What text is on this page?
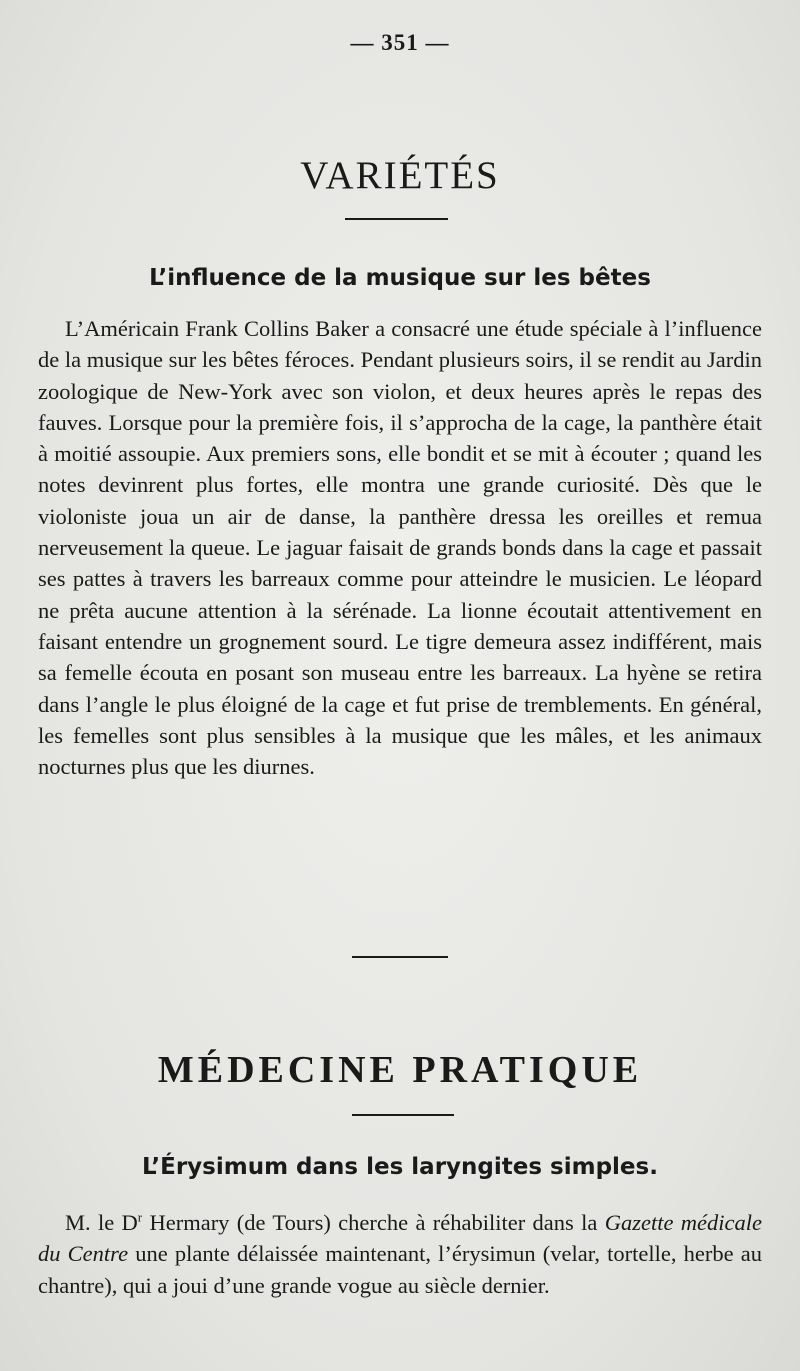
— 351 —
VARIÉTÉS
L’influence de la musique sur les bêtes

L’Américain Frank Collins Baker a consacré une étude spéciale à l’influence de la musique sur les bêtes féroces. Pendant plusieurs soirs, il se rendit au Jardin zoologique de New-York avec son violon, et deux heures après le repas des fauves. Lorsque pour la première fois, il s’approcha de la cage, la panthère était à moitié assoupie. Aux premiers sons, elle bondit et se mit à écouter ; quand les notes devinrent plus fortes, elle montra une grande curiosité. Dès que le violoniste joua un air de danse, la panthère dressa les oreilles et remua nerveusement la queue. Le jaguar faisait de grands bonds dans la cage et passait ses pattes à travers les barreaux comme pour atteindre le musicien. Le léopard ne prêta aucune attention à la sérénade. La lionne écoutait attentivement en faisant entendre un grognement sourd. Le tigre demeura assez indifférent, mais sa femelle écouta en posant son museau entre les barreaux. La hyène se retira dans l’angle le plus éloigné de la cage et fut prise de tremblements. En général, les femelles sont plus sensibles à la musique que les mâles, et les animaux nocturnes plus que les diurnes.

MÉDECINE PRATIQUE
L’Érysimum dans les laryngites simples.

M. le $D^r$ Hermary (de Tours) cherche à réhabiliter dans la Gazette médicale du Centre une plante délaissée maintenant, l’érysimun (velar, tortelle, herbe au chantre), qui a joui d’une grande vogue au siècle dernier.
